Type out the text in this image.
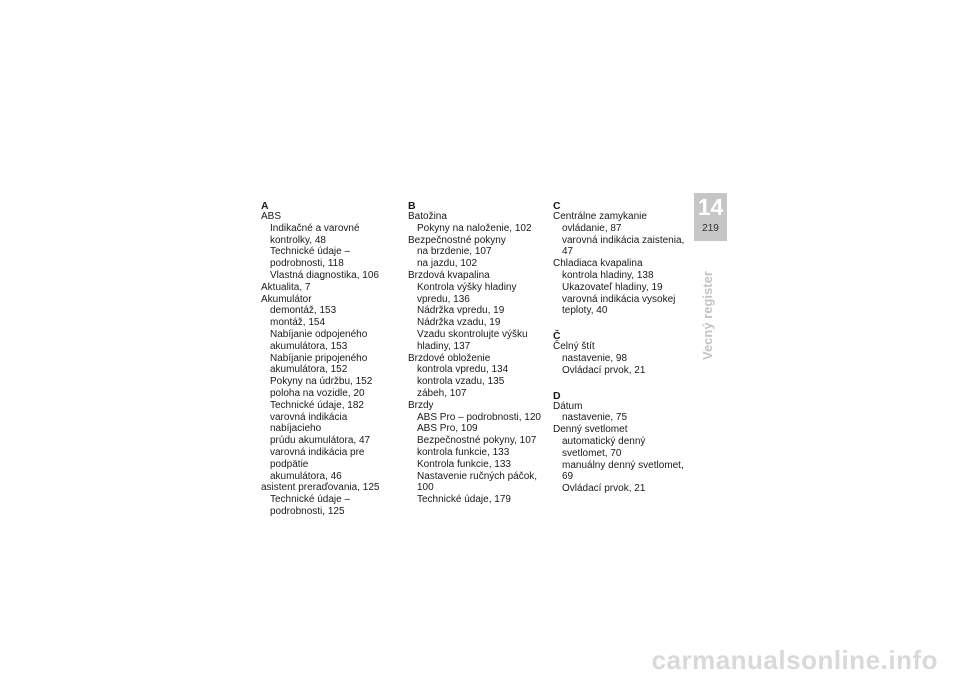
A
ABS
Indikačné a varovné
kontrolky, 48
Technické údaje –
podrobnosti, 118
Vlastná diagnostika, 106
Aktualita, 7
Akumulátor
demontáž, 153
montáž, 154
Nabíjanie odpojeného
akumulátora, 153
Nabíjanie pripojeného
akumulátora, 152
Pokyny na údržbu, 152
poloha na vozidle, 20
Technické údaje, 182
varovná indikácia nabíjacieho
prúdu akumulátora, 47
varovná indikácia pre podpätie
akumulátora, 46
asistent preraďovania, 125
Technické údaje –
podrobnosti, 125
B
Batožina
Pokyny na naloženie, 102
Bezpečnostné pokyny
na brzdenie, 107
na jazdu, 102
Brzdová kvapalina
Kontrola výšky hladiny
vpredu, 136
Nádržka vpredu, 19
Nádržka vzadu, 19
Vzadu skontrolujte výšku
hladiny, 137
Brzdové obloženie
kontrola vpredu, 134
kontrola vzadu, 135
zábeh, 107
Brzdy
ABS Pro – podrobnosti, 120
ABS Pro, 109
Bezpečnostné pokyny, 107
kontrola funkcie, 133
Kontrola funkcie, 133
Nastavenie ručných páčok, 100
Technické údaje, 179
C
Centrálne zamykanie
ovládanie, 87
varovná indikácia zaistenia, 47
Chladiaca kvapalina
kontrola hladiny, 138
Ukazovateľ hladiny, 19
varovná indikácia vysokej
teploty, 40
Č
Čelný štít
nastavenie, 98
Ovládací prvok, 21
D
Dátum
nastavenie, 75
Denný svetlomet
automatický denný
svetlomet, 70
manuálny denný svetlomet, 69
Ovládací prvok, 21
14
219
Vecný register
carmanualsonline.info
